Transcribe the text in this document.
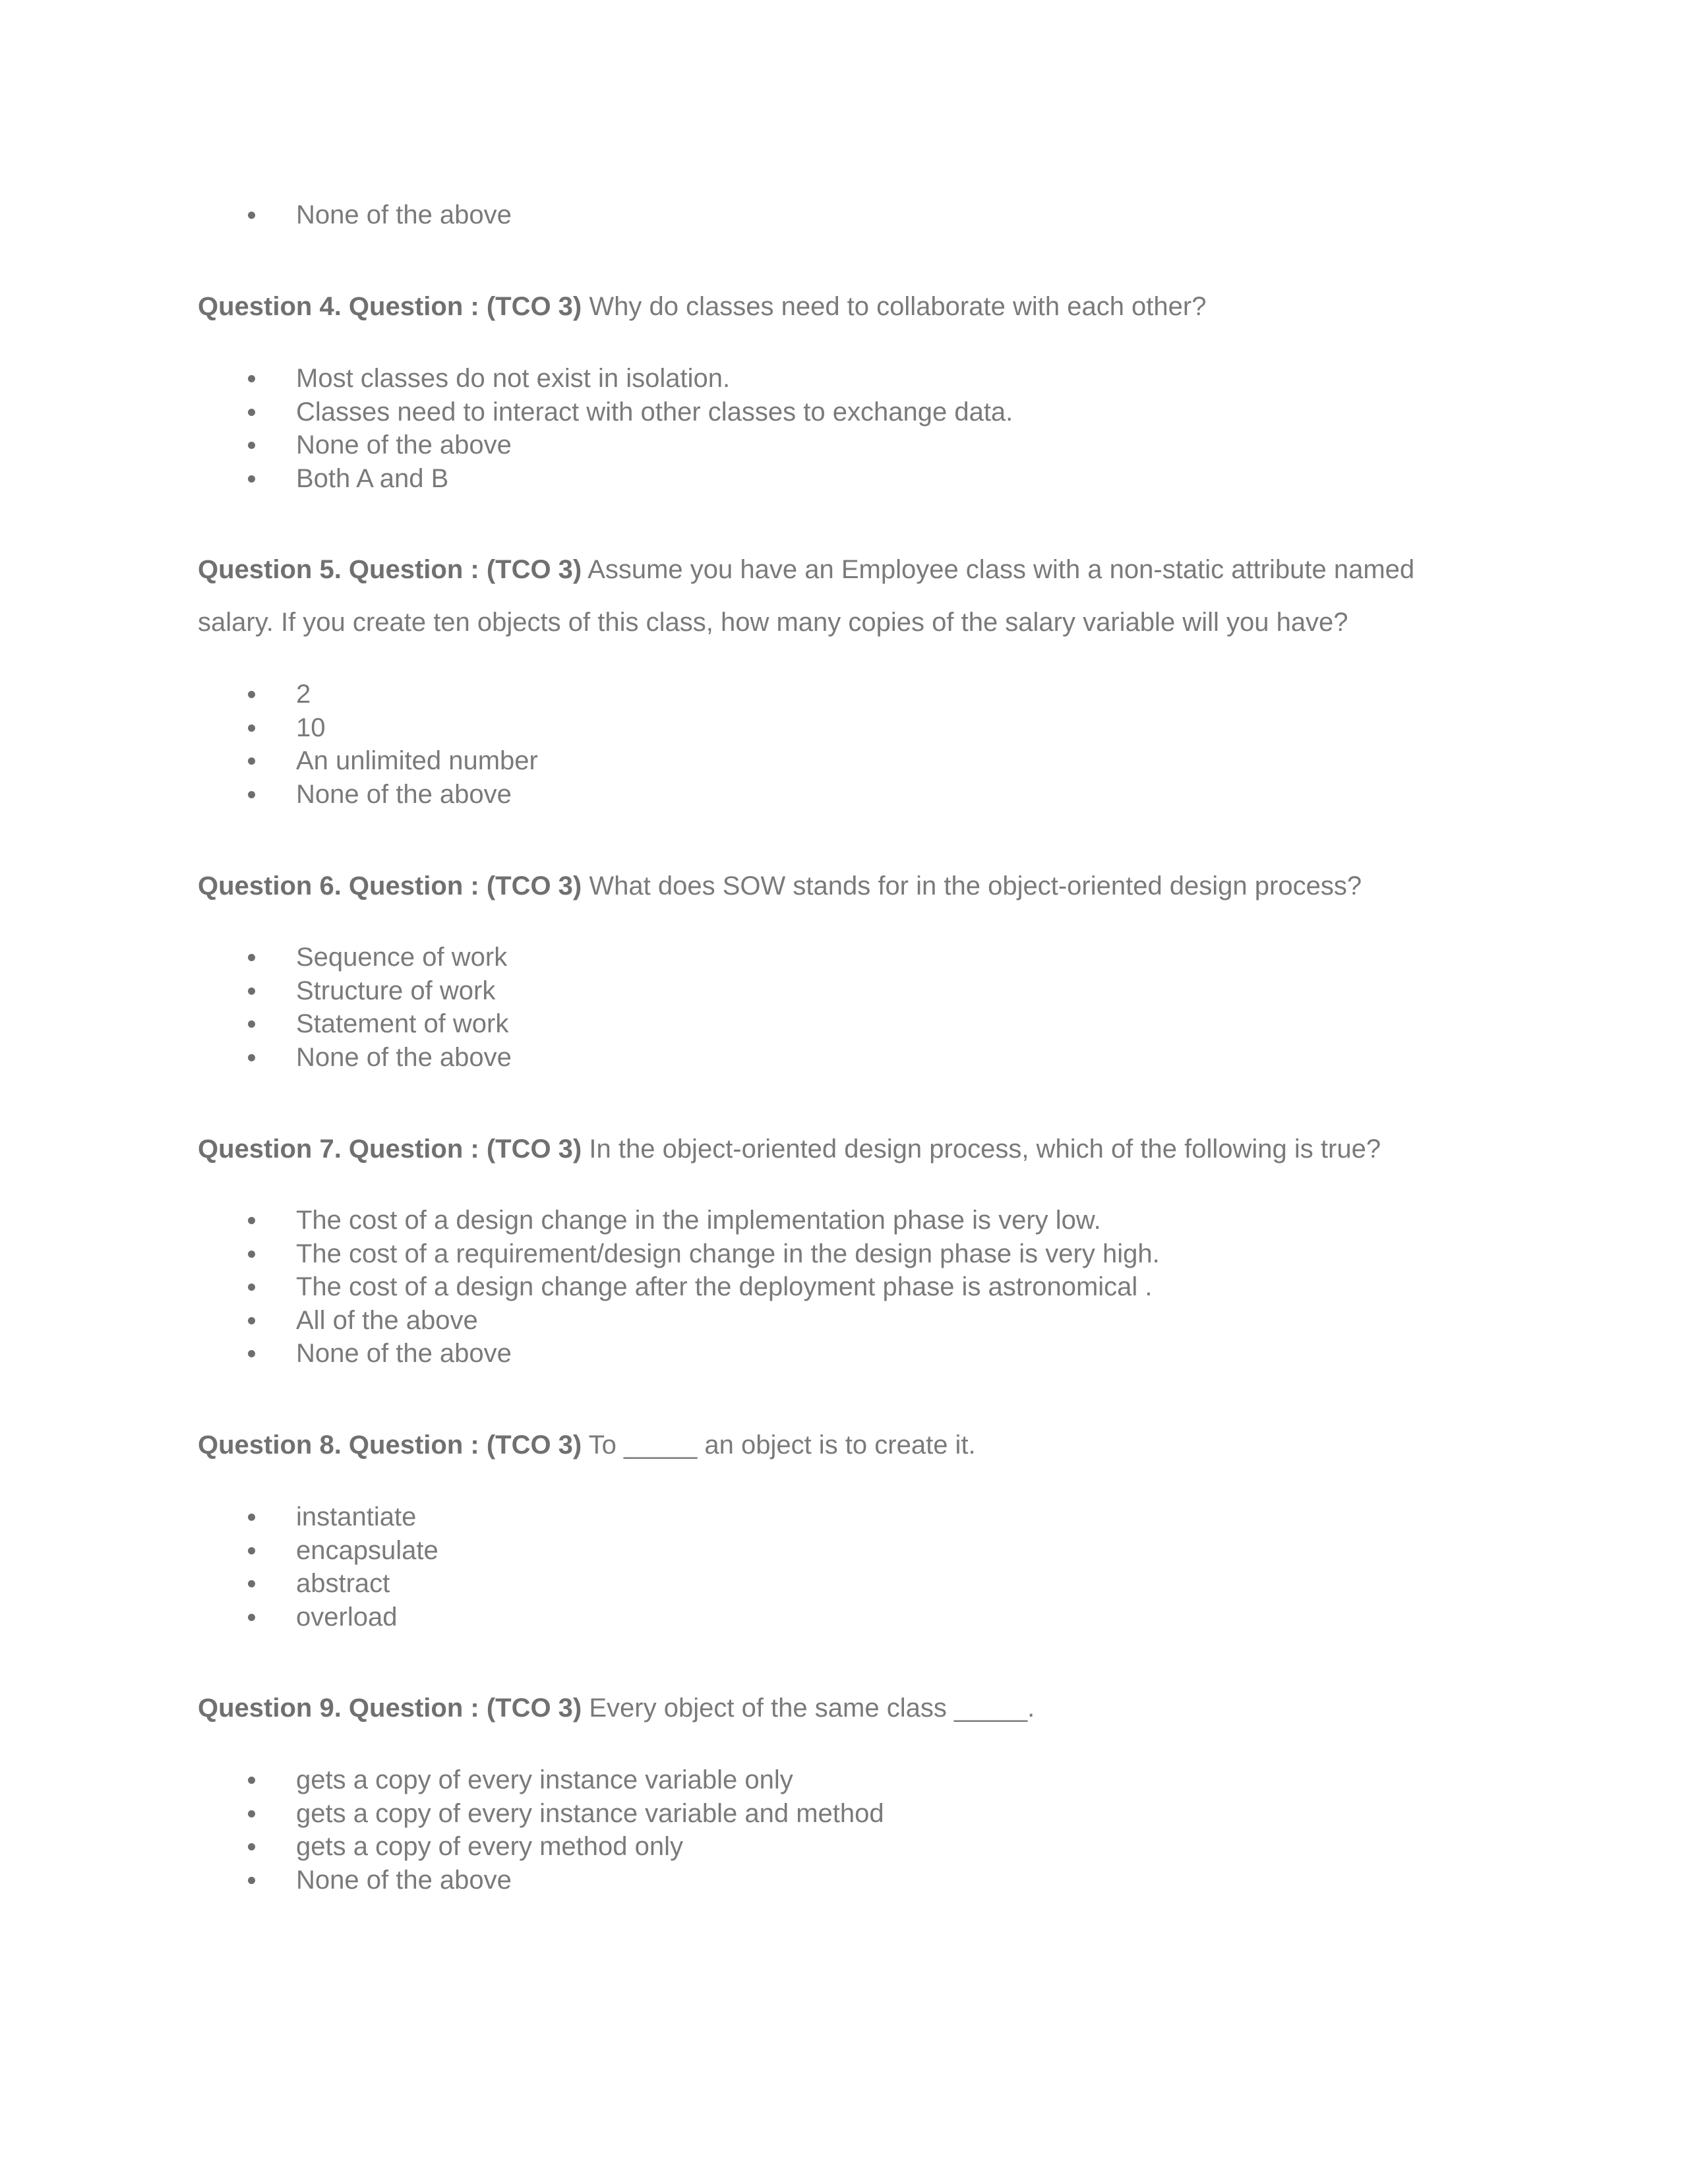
None of the above

Question 4. Question : (TCO 3) Why do classes need to collaborate with each other?

Most classes do not exist in isolation.
Classes need to interact with other classes to exchange data.
None of the above
Both A and B

Question 5. Question : (TCO 3) Assume you have an Employee class with a non-static attribute named salary. If you create ten objects of this class, how many copies of the salary variable will you have?

2
10
An unlimited number
None of the above

Question 6. Question : (TCO 3) What does SOW stands for in the object-oriented design process?

Sequence of work
Structure of work
Statement of work
None of the above

Question 7. Question : (TCO 3) In the object-oriented design process, which of the following is true?

The cost of a design change in the implementation phase is very low.
The cost of a requirement/design change in the design phase is very high.
The cost of a design change after the deployment phase is astronomical .
All of the above
None of the above

Question 8. Question : (TCO 3) To _____ an object is to create it.

instantiate
encapsulate
abstract
overload

Question 9. Question : (TCO 3) Every object of the same class _____.

gets a copy of every instance variable only
gets a copy of every instance variable and method
gets a copy of every method only
None of the above
